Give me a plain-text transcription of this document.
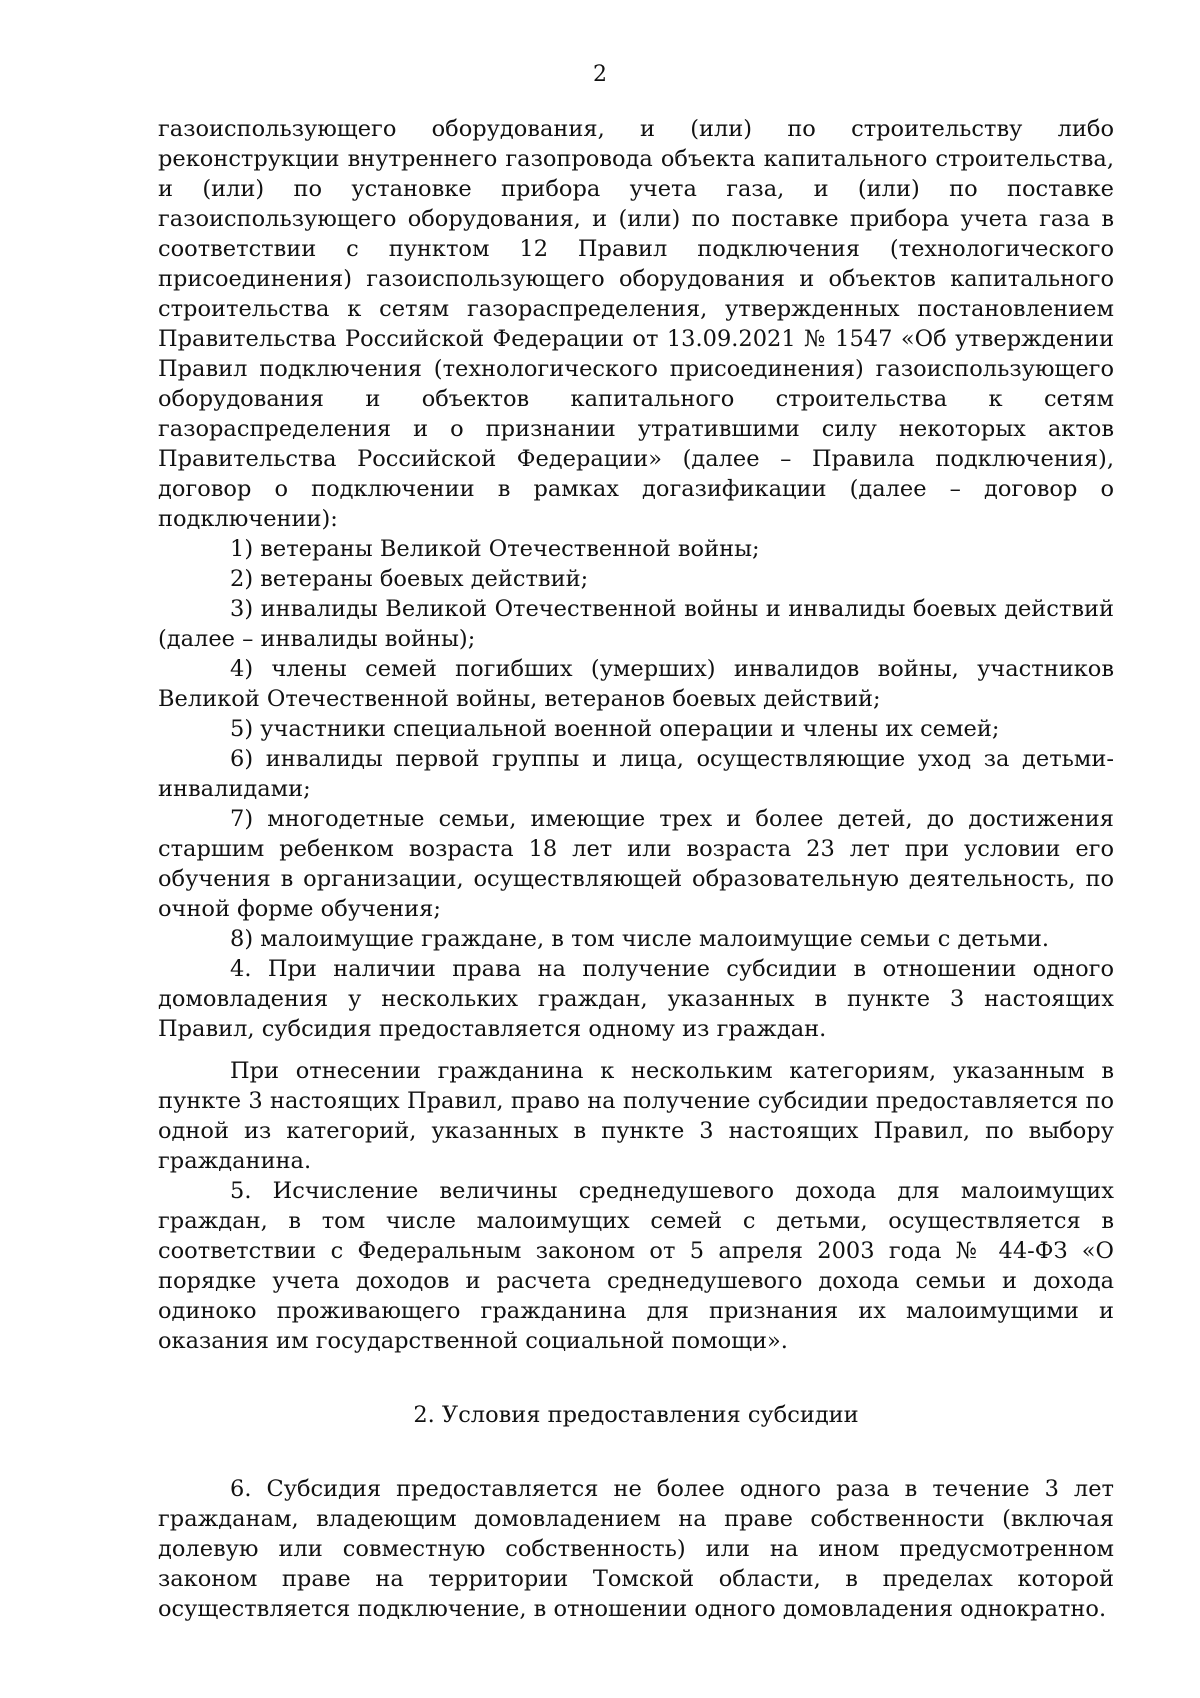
2

газоиспользующего оборудования, и (или) по строительству либо реконструкции внутреннего газопровода объекта капитального строительства, и (или) по установке прибора учета газа, и (или) по поставке газоиспользующего оборудования, и (или) по поставке прибора учета газа в соответствии с пунктом 12 Правил подключения (технологического присоединения) газоиспользующего оборудования и объектов капитального строительства к сетям газораспределения, утвержденных постановлением Правительства Российской Федерации от 13.09.2021 № 1547 «Об утверждении Правил подключения (технологического присоединения) газоиспользующего оборудования и объектов капитального строительства к сетям газораспределения и о признании утратившими силу некоторых актов Правительства Российской Федерации» (далее – Правила подключения), договор о подключении в рамках догазификации (далее – договор о подключении):

1) ветераны Великой Отечественной войны;

2) ветераны боевых действий;

3) инвалиды Великой Отечественной войны и инвалиды боевых действий (далее – инвалиды войны);

4) члены семей погибших (умерших) инвалидов войны, участников Великой Отечественной войны, ветеранов боевых действий;

5) участники специальной военной операции и члены их семей;

6) инвалиды первой группы и лица, осуществляющие уход за детьми-инвалидами;

7) многодетные семьи, имеющие трех и более детей, до достижения старшим ребенком возраста 18 лет или возраста 23 лет при условии его обучения в организации, осуществляющей образовательную деятельность, по очной форме обучения;

8) малоимущие граждане, в том числе малоимущие семьи с детьми.

4. При наличии права на получение субсидии в отношении одного домовладения у нескольких граждан, указанных в пункте 3 настоящих Правил, субсидия предоставляется одному из граждан.

При отнесении гражданина к нескольким категориям, указанным в пункте 3 настоящих Правил, право на получение субсидии предоставляется по одной из категорий, указанных в пункте 3 настоящих Правил, по выбору гражданина.

5. Исчисление величины среднедушевого дохода для малоимущих граждан, в том числе малоимущих семей с детьми, осуществляется в соответствии с Федеральным законом от 5 апреля 2003 года № 44-ФЗ «О порядке учета доходов и расчета среднедушевого дохода семьи и дохода одиноко проживающего гражданина для признания их малоимущими и оказания им государственной социальной помощи».

2. Условия предоставления субсидии

6. Субсидия предоставляется не более одного раза в течение 3 лет гражданам, владеющим домовладением на праве собственности (включая долевую или совместную собственность) или на ином предусмотренном законом праве на территории Томской области, в пределах которой осуществляется подключение, в отношении одного домовладения однократно.
